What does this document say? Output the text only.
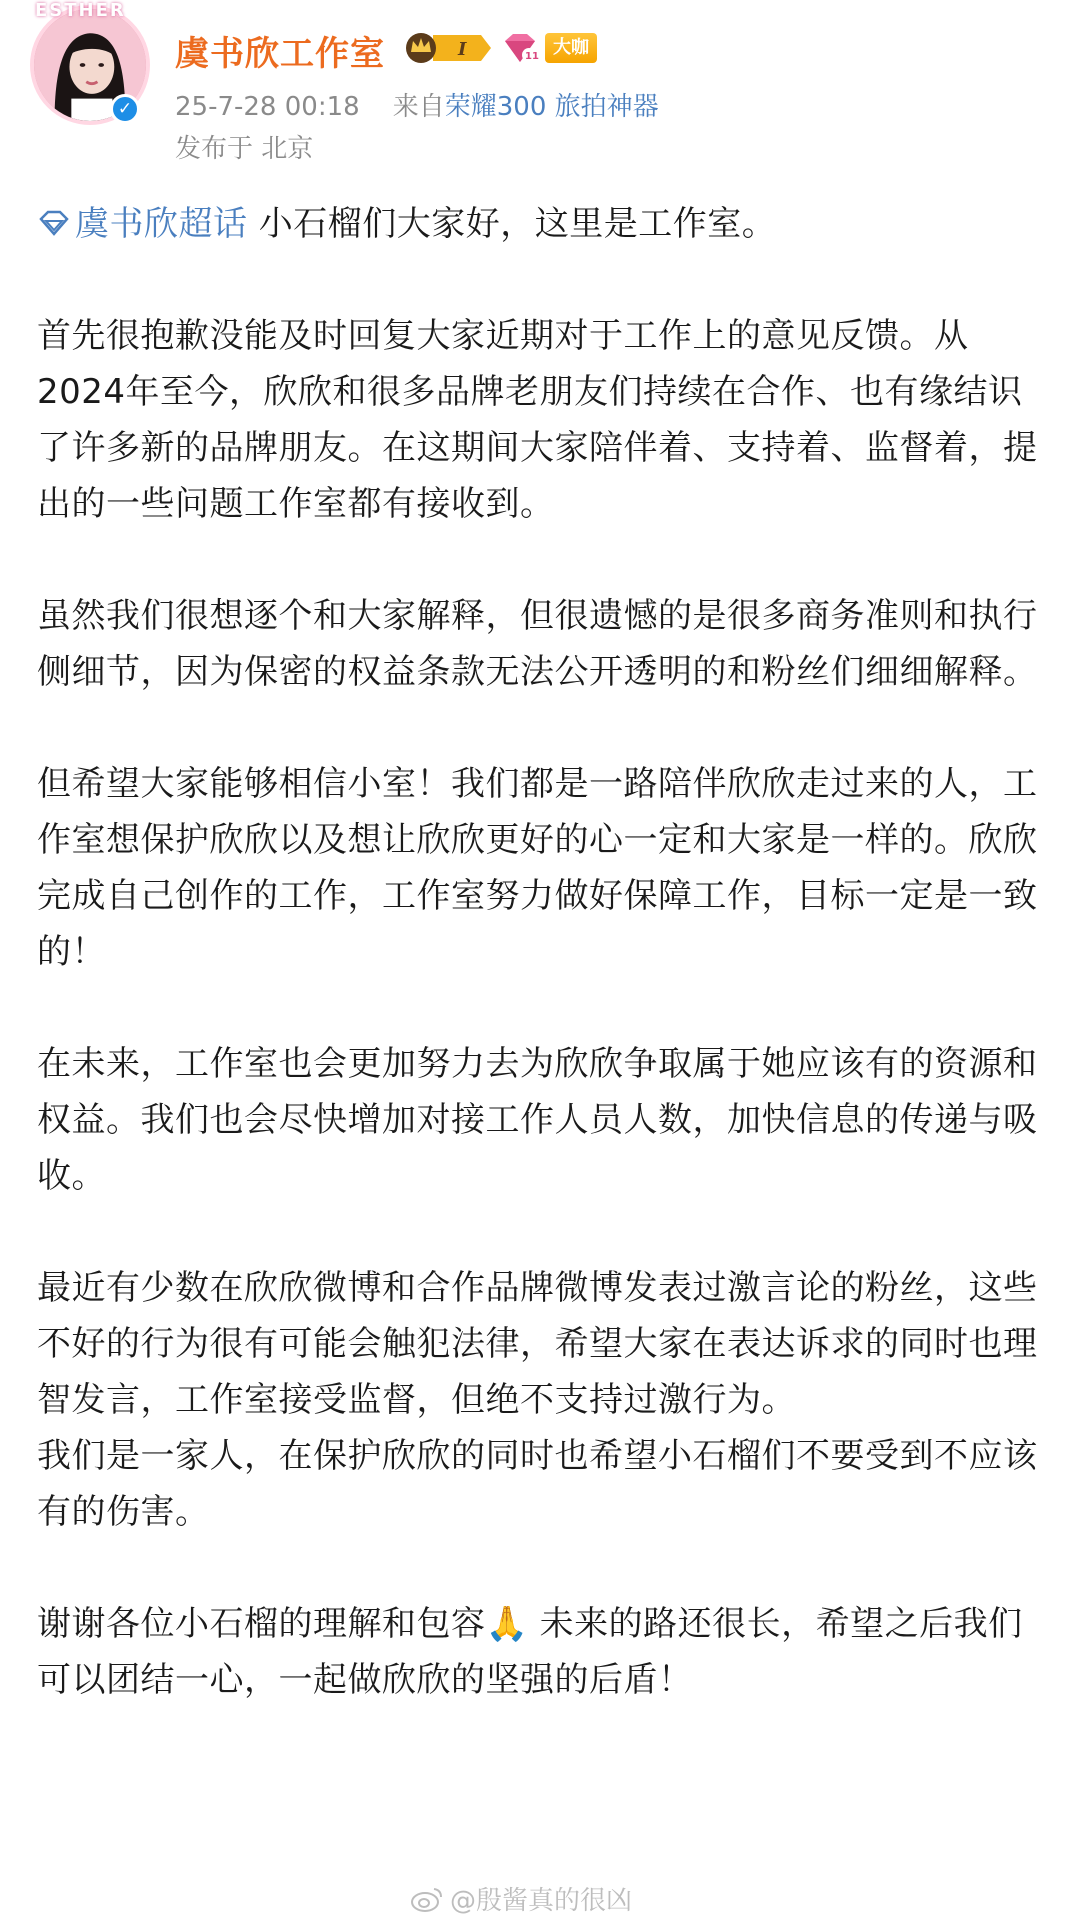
ESTHER
✓
虞书欣工作室	I	11 大咖
25-7-28 00:18 来自荣耀300 旅拍神器
发布于 北京

虞书欣超话 小石榴们大家好，这里是工作室。

首先很抱歉没能及时回复大家近期对于工作上的意见反馈。从2024年至今，欣欣和很多品牌老朋友们持续在合作、也有缘结识了许多新的品牌朋友。在这期间大家陪伴着、支持着、监督着，提出的一些问题工作室都有接收到。

虽然我们很想逐个和大家解释，但很遗憾的是很多商务准则和执行侧细节，因为保密的权益条款无法公开透明的和粉丝们细细解释。

但希望大家能够相信小室！我们都是一路陪伴欣欣走过来的人，工作室想保护欣欣以及想让欣欣更好的心一定和大家是一样的。欣欣完成自己创作的工作，工作室努力做好保障工作，目标一定是一致的！

在未来，工作室也会更加努力去为欣欣争取属于她应该有的资源和权益。我们也会尽快增加对接工作人员人数，加快信息的传递与吸收。

最近有少数在欣欣微博和合作品牌微博发表过激言论的粉丝，这些不好的行为很有可能会触犯法律，希望大家在表达诉求的同时也理智发言，工作室接受监督，但绝不支持过激行为。

我们是一家人，在保护欣欣的同时也希望小石榴们不要受到不应该有的伤害。

谢谢各位小石榴的理解和包容🙏 未来的路还很长，希望之后我们可以团结一心，一起做欣欣的坚强的后盾！

@殷酱真的很凶
